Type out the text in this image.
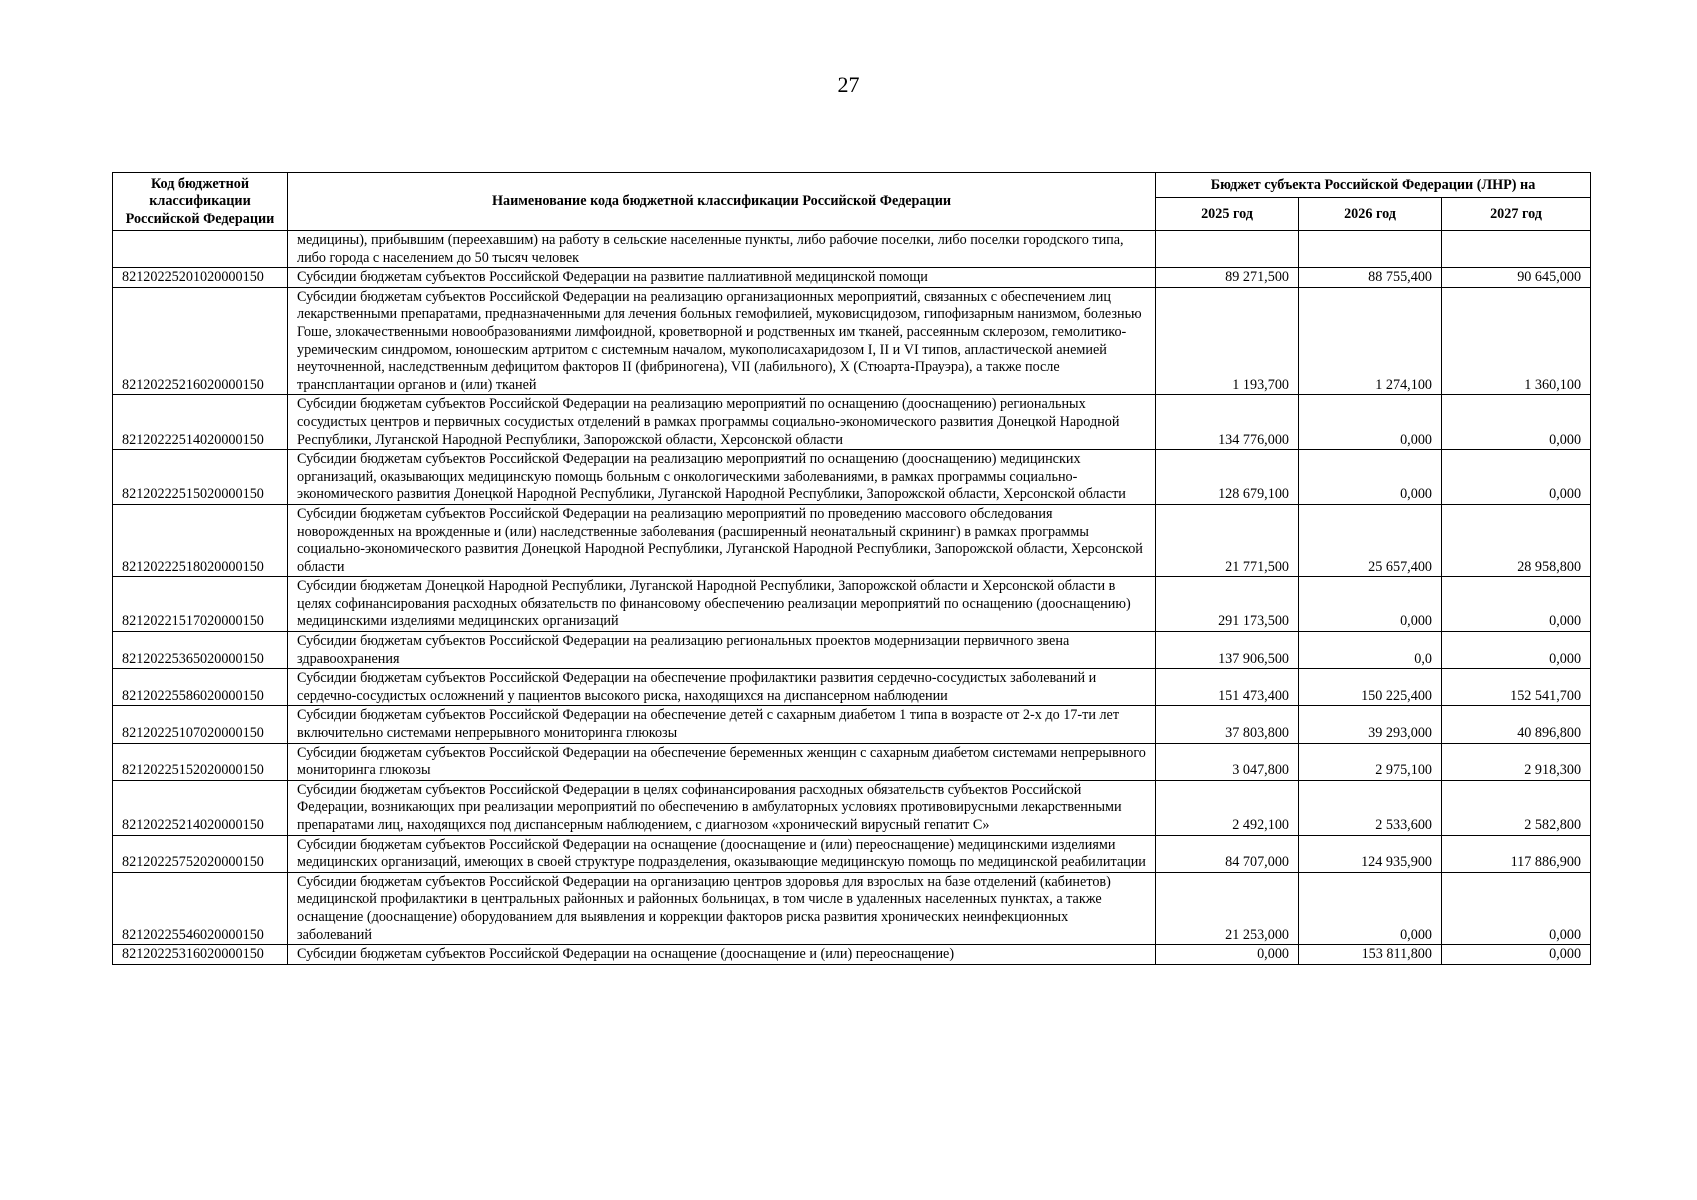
27
Код бюджетной классификации Российской Федерации	Наименование кода бюджетной классификации Российской Федерации	Бюджет субъекта Российской Федерации (ЛНР) на		
		2025 год	2026 год	2027 год
	медицины), прибывшим (переехавшим) на работу в сельские населенные пункты, либо рабочие поселки, либо поселки городского типа, либо города с населением до 50 тысяч человек			
82120225201020000150	Субсидии бюджетам субъектов Российской Федерации на развитие паллиативной медицинской помощи	89 271,500	88 755,400	90 645,000
82120225216020000150	Субсидии бюджетам субъектов Российской Федерации на реализацию организационных мероприятий, связанных с обеспечением лиц лекарственными препаратами, предназначенными для лечения больных гемофилией, муковисцидозом, гипофизарным нанизмом, болезнью Гоше, злокачественными новообразованиями лимфоидной, кроветворной и родственных им тканей, рассеянным склерозом, гемолитико-уремическим синдромом, юношеским артритом с системным началом, мукополисахаридозом I, II и VI типов, апластической анемией неуточненной, наследственным дефицитом факторов II (фибриногена), VII (лабильного), X (Стюарта-Прауэра), а также после трансплантации органов и (или) тканей	1 193,700	1 274,100	1 360,100
82120222514020000150	Субсидии бюджетам субъектов Российской Федерации на реализацию мероприятий по оснащению (дооснащению) региональных сосудистых центров и первичных сосудистых отделений в рамках программы социально-экономического развития Донецкой Народной Республики, Луганской Народной Республики, Запорожской области, Херсонской области	134 776,000	0,000	0,000
82120222515020000150	Субсидии бюджетам субъектов Российской Федерации на реализацию мероприятий по оснащению (дооснащению) медицинских организаций, оказывающих медицинскую помощь больным с онкологическими заболеваниями, в рамках программы социально-экономического развития Донецкой Народной Республики, Луганской Народной Республики, Запорожской области, Херсонской области	128 679,100	0,000	0,000
82120222518020000150	Субсидии бюджетам субъектов Российской Федерации на реализацию мероприятий по проведению массового обследования новорожденных на врожденные и (или) наследственные заболевания (расширенный неонатальный скрининг) в рамках программы социально-экономического развития Донецкой Народной Республики, Луганской Народной Республики, Запорожской области, Херсонской области	21 771,500	25 657,400	28 958,800
82120221517020000150	Субсидии бюджетам Донецкой Народной Республики, Луганской Народной Республики, Запорожской области и Херсонской области в целях софинансирования расходных обязательств по финансовому обеспечению реализации мероприятий по оснащению (дооснащению) медицинскими изделиями медицинских организаций	291 173,500	0,000	0,000
82120225365020000150	Субсидии бюджетам субъектов Российской Федерации на реализацию региональных проектов модернизации первичного звена здравоохранения	137 906,500	0,0	0,000
82120225586020000150	Субсидии бюджетам субъектов Российской Федерации на обеспечение профилактики развития сердечно-сосудистых заболеваний и сердечно-сосудистых осложнений у пациентов высокого риска, находящихся на диспансерном наблюдении	151 473,400	150 225,400	152 541,700
82120225107020000150	Субсидии бюджетам субъектов Российской Федерации на обеспечение детей с сахарным диабетом 1 типа в возрасте от 2-х до 17-ти лет включительно системами непрерывного мониторинга глюкозы	37 803,800	39 293,000	40 896,800
82120225152020000150	Субсидии бюджетам субъектов Российской Федерации на обеспечение беременных женщин с сахарным диабетом системами непрерывного мониторинга глюкозы	3 047,800	2 975,100	2 918,300
82120225214020000150	Субсидии бюджетам субъектов Российской Федерации в целях софинансирования расходных обязательств субъектов Российской Федерации, возникающих при реализации мероприятий по обеспечению в амбулаторных условиях противовирусными лекарственными препаратами лиц, находящихся под диспансерным наблюдением, с диагнозом «хронический вирусный гепатит С»	2 492,100	2 533,600	2 582,800
82120225752020000150	Субсидии бюджетам субъектов Российской Федерации на оснащение (дооснащение и (или) переоснащение) медицинскими изделиями медицинских организаций, имеющих в своей структуре подразделения, оказывающие медицинскую помощь по медицинской реабилитации	84 707,000	124 935,900	117 886,900
82120225546020000150	Субсидии бюджетам субъектов Российской Федерации на организацию центров здоровья для взрослых на базе отделений (кабинетов) медицинской профилактики в центральных районных и районных больницах, в том числе в удаленных населенных пунктах, а также оснащение (дооснащение) оборудованием для выявления и коррекции факторов риска развития хронических неинфекционных заболеваний	21 253,000	0,000	0,000
82120225316020000150	Субсидии бюджетам субъектов Российской Федерации на оснащение (дооснащение и (или) переоснащение)	0,000	153 811,800	0,000
